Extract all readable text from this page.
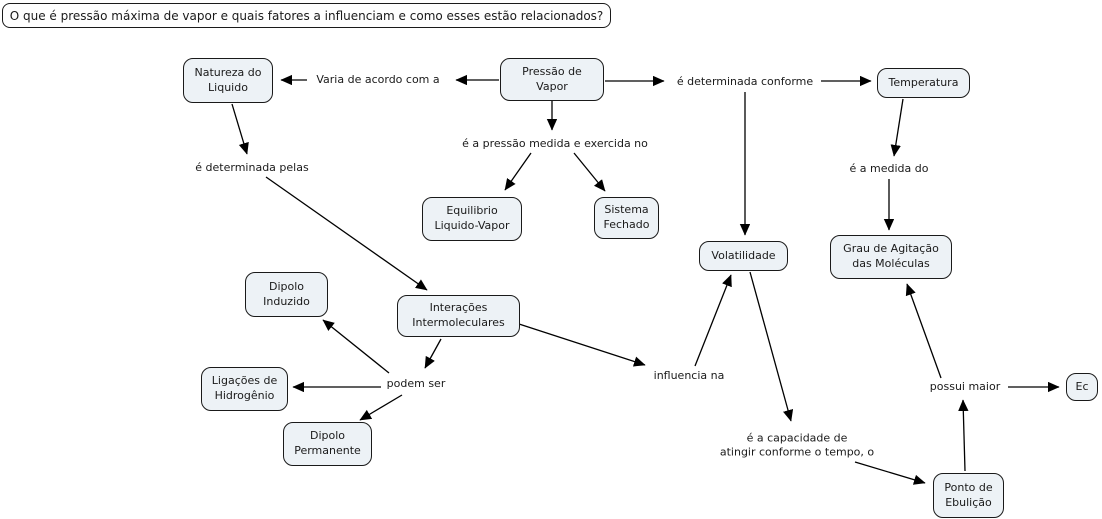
O que é pressão máxima de vapor e quais fatores a influenciam e como esses estão relacionados?
Natureza do
Liquido
Pressão de
Vapor	Temperatura
Equilibrio
Liquido-Vapor
Sistema
Fechado
Volatilidade	Grau de Agitação
das Moléculas
Dipolo
Induzido
Interações
Intermoleculares
Ligações de
Hidrogênio
Dipolo
Permanente
Ponto de
Ebulição
Ec
Varia de acordo com a	é determinada conforme
é a pressão medida e exercida no
é a medida do
é determinada pelas
podem ser
influencia na
é a capacidade de
atingir conforme o tempo, o
possui maior
